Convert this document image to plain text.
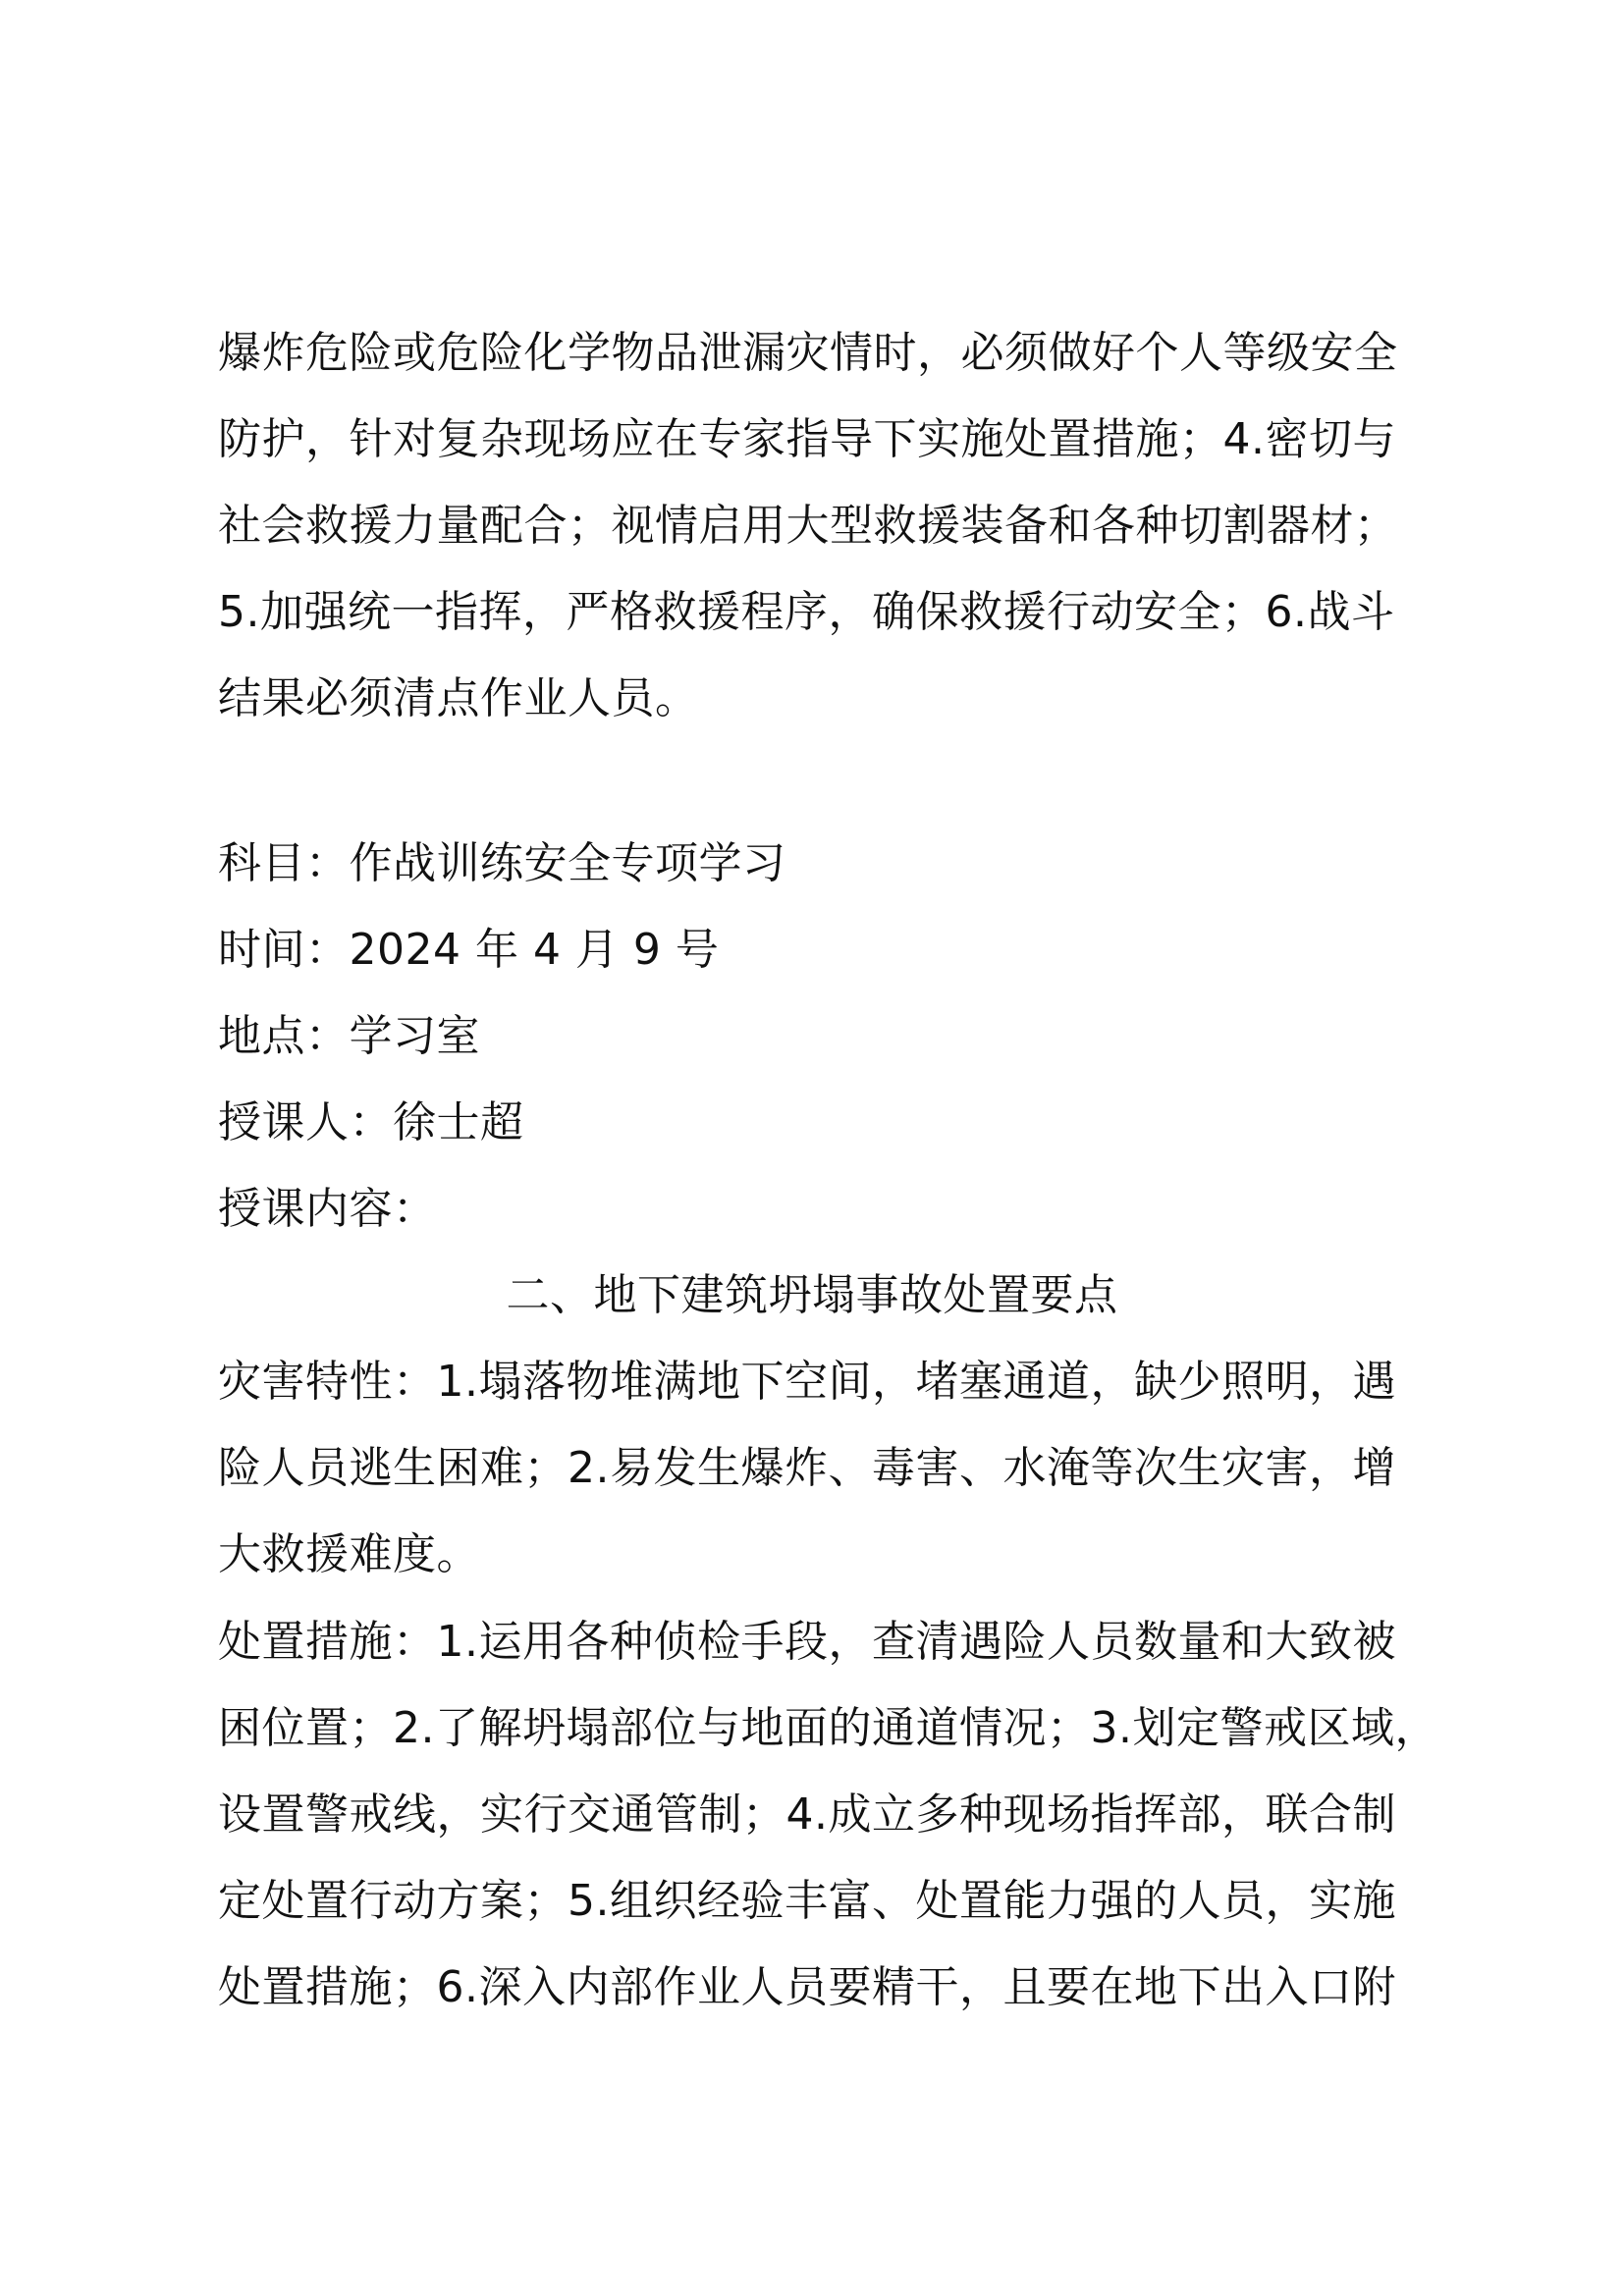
爆炸危险或危险化学物品泄漏灾情时，必须做好个人等级安全
防护，针对复杂现场应在专家指导下实施处置措施；4.密切与
社会救援力量配合；视情启用大型救援装备和各种切割器材；
5.加强统一指挥，严格救援程序，确保救援行动安全；6.战斗
结果必须清点作业人员。
科目：作战训练安全专项学习
时间：2024 年 4 月 9 号
地点：学习室
授课人：徐士超
授课内容：
二、地下建筑坍塌事故处置要点
灾害特性：1.塌落物堆满地下空间，堵塞通道，缺少照明，遇
险人员逃生困难；2.易发生爆炸、毒害、水淹等次生灾害，增
大救援难度。
处置措施：1.运用各种侦检手段，查清遇险人员数量和大致被
困位置；2.了解坍塌部位与地面的通道情况；3.划定警戒区域，
设置警戒线，实行交通管制；4.成立多种现场指挥部，联合制
定处置行动方案；5.组织经验丰富、处置能力强的人员，实施
处置措施；6.深入内部作业人员要精干，且要在地下出入口附
